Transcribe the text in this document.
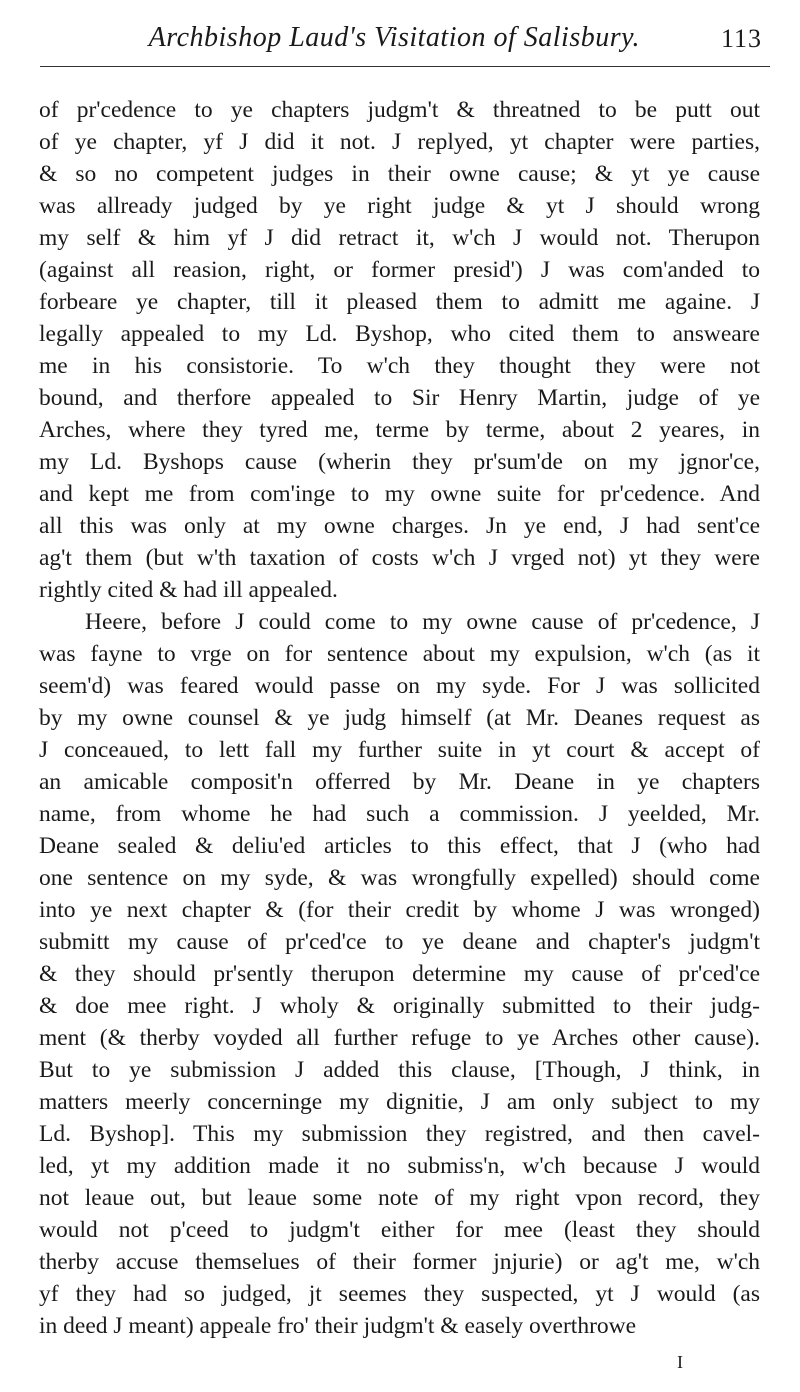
Archbishop Laud's Visitation of Salisbury.	113
of pr'cedence to ye chapters judgm't & threatned to be putt out
of ye chapter, yf J did it not. J replyed, yt chapter were parties,
& so no competent judges in their owne cause; & yt ye cause
was allready judged by ye right judge & yt J should wrong
my self & him yf J did retract it, w'ch J would not. Therupon
(against all reasion, right, or former presid') J was com'anded to
forbeare ye chapter, till it pleased them to admitt me againe. J
legally appealed to my Ld. Byshop, who cited them to answeare
me in his consistorie. To w'ch they thought they were not
bound, and therfore appealed to Sir Henry Martin, judge of ye
Arches, where they tyred me, terme by terme, about 2 yeares, in
my Ld. Byshops cause (wherin they pr'sum'de on my jgnor'ce,
and kept me from com'inge to my owne suite for pr'cedence. And
all this was only at my owne charges. Jn ye end, J had sent'ce
ag't them (but w'th taxation of costs w'ch J vrged not) yt they were
rightly cited & had ill appealed.
Heere, before J could come to my owne cause of pr'cedence, J
was fayne to vrge on for sentence about my expulsion, w'ch (as it
seem'd) was feared would passe on my syde. For J was sollicited
by my owne counsel & ye judg himself (at Mr. Deanes request as
J conceaued, to lett fall my further suite in yt court & accept of
an amicable composit'n offerred by Mr. Deane in ye chapters
name, from whome he had such a commission. J yeelded, Mr.
Deane sealed & deliu'ed articles to this effect, that J (who had
one sentence on my syde, & was wrongfully expelled) should come
into ye next chapter & (for their credit by whome J was wronged)
submitt my cause of pr'ced'ce to ye deane and chapter's judgm't
& they should pr'sently therupon determine my cause of pr'ced'ce
& doe mee right. J wholy & originally submitted to their judg-
ment (& therby voyded all further refuge to ye Arches other cause).
But to ye submission J added this clause, [Though, J think, in
matters meerly concerninge my dignitie, J am only subject to my
Ld. Byshop]. This my submission they registred, and then cavel-
led, yt my addition made it no submiss'n, w'ch because J would
not leaue out, but leaue some note of my right vpon record, they
would not p'ceed to judgm't either for mee (least they should
therby accuse themselues of their former jnjurie) or ag't me, w'ch
yf they had so judged, jt seemes they suspected, yt J would (as
in deed J meant) appeale fro' their judgm't & easely overthrowe
I
